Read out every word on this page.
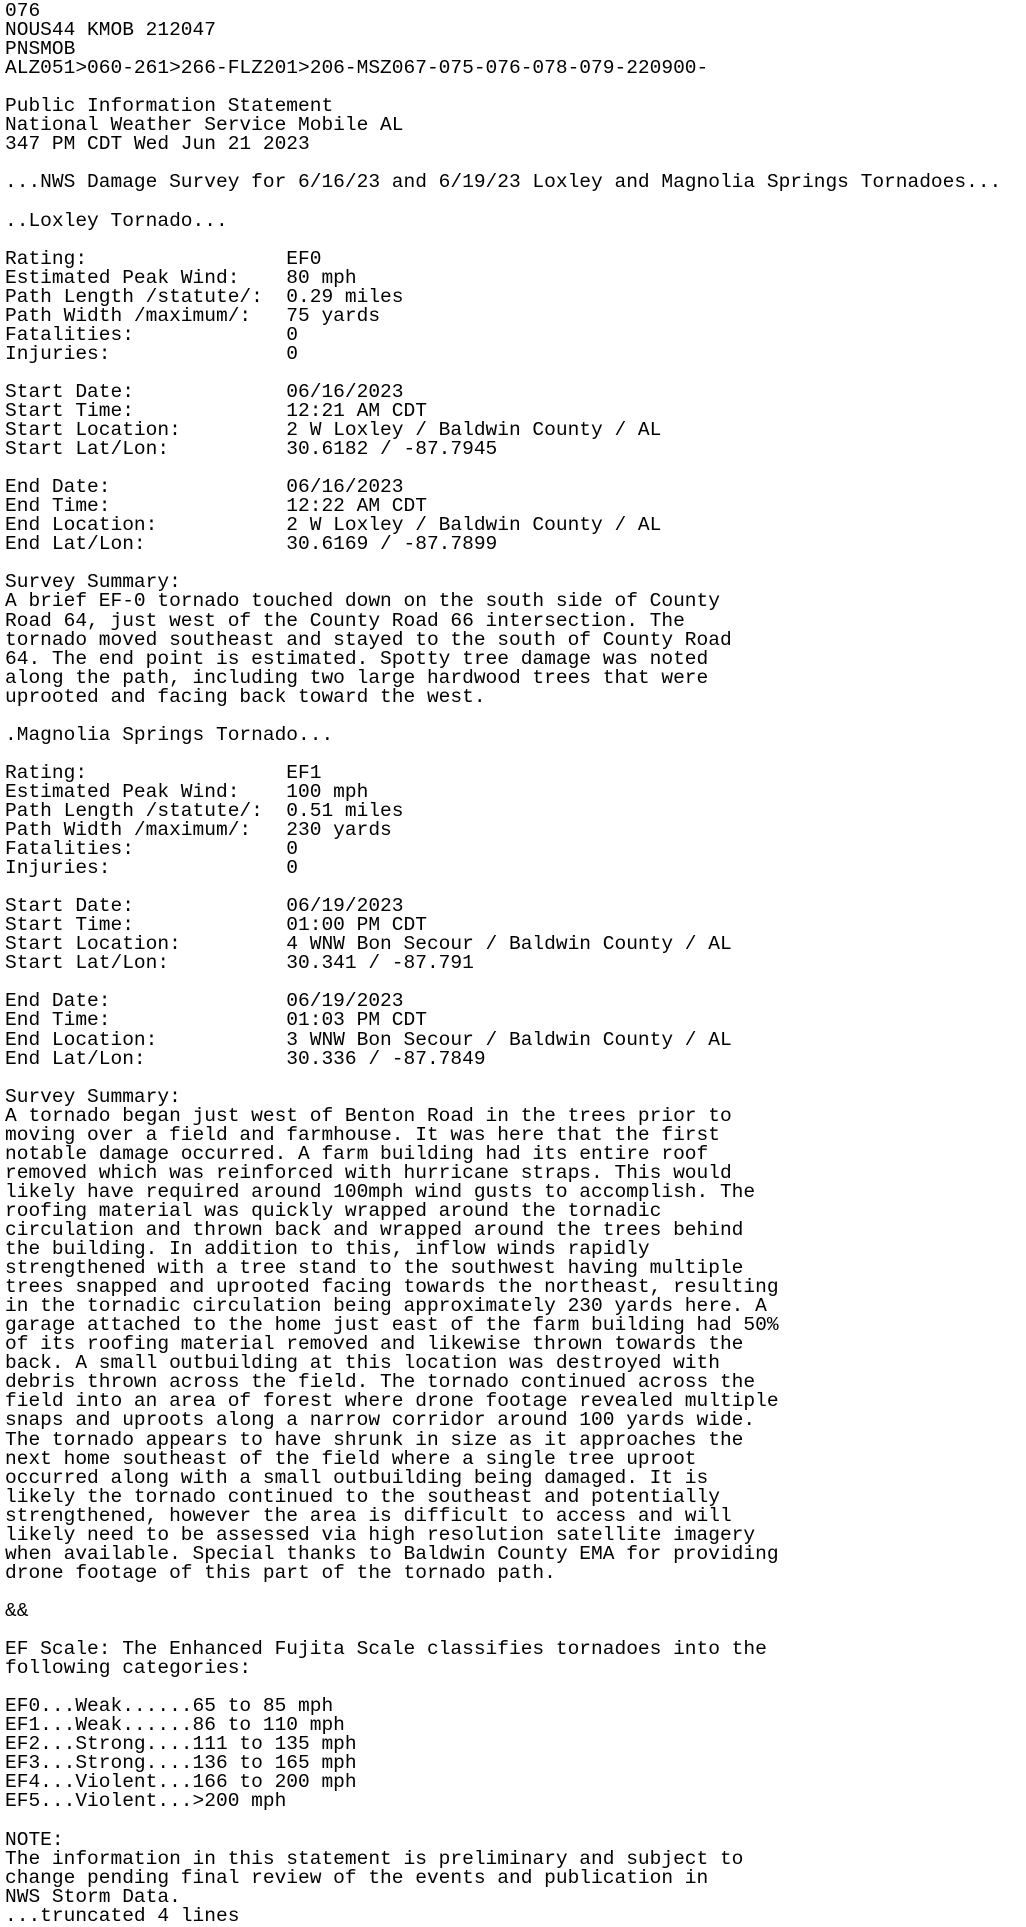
076
NOUS44 KMOB 212047
PNSMOB
ALZ051>060-261>266-FLZ201>206-MSZ067-075-076-078-079-220900-

Public Information Statement
National Weather Service Mobile AL
347 PM CDT Wed Jun 21 2023

...NWS Damage Survey for 6/16/23 and 6/19/23 Loxley and Magnolia Springs Tornadoes...

..Loxley Tornado...

Rating:                 EF0
Estimated Peak Wind:    80 mph
Path Length /statute/:  0.29 miles
Path Width /maximum/:   75 yards
Fatalities:             0
Injuries:               0

Start Date:             06/16/2023
Start Time:             12:21 AM CDT
Start Location:         2 W Loxley / Baldwin County / AL
Start Lat/Lon:          30.6182 / -87.7945

End Date:               06/16/2023
End Time:               12:22 AM CDT
End Location:           2 W Loxley / Baldwin County / AL
End Lat/Lon:            30.6169 / -87.7899

Survey Summary:
A brief EF-0 tornado touched down on the south side of County
Road 64, just west of the County Road 66 intersection. The
tornado moved southeast and stayed to the south of County Road
64. The end point is estimated. Spotty tree damage was noted
along the path, including two large hardwood trees that were
uprooted and facing back toward the west.

.Magnolia Springs Tornado...

Rating:                 EF1
Estimated Peak Wind:    100 mph
Path Length /statute/:  0.51 miles
Path Width /maximum/:   230 yards
Fatalities:             0
Injuries:               0

Start Date:             06/19/2023
Start Time:             01:00 PM CDT
Start Location:         4 WNW Bon Secour / Baldwin County / AL
Start Lat/Lon:          30.341 / -87.791

End Date:               06/19/2023
End Time:               01:03 PM CDT
End Location:           3 WNW Bon Secour / Baldwin County / AL
End Lat/Lon:            30.336 / -87.7849

Survey Summary:
A tornado began just west of Benton Road in the trees prior to
moving over a field and farmhouse. It was here that the first
notable damage occurred. A farm building had its entire roof
removed which was reinforced with hurricane straps. This would
likely have required around 100mph wind gusts to accomplish. The
roofing material was quickly wrapped around the tornadic
circulation and thrown back and wrapped around the trees behind
the building. In addition to this, inflow winds rapidly
strengthened with a tree stand to the southwest having multiple
trees snapped and uprooted facing towards the northeast, resulting
in the tornadic circulation being approximately 230 yards here. A
garage attached to the home just east of the farm building had 50%
of its roofing material removed and likewise thrown towards the
back. A small outbuilding at this location was destroyed with
debris thrown across the field. The tornado continued across the
field into an area of forest where drone footage revealed multiple
snaps and uproots along a narrow corridor around 100 yards wide.
The tornado appears to have shrunk in size as it approaches the
next home southeast of the field where a single tree uproot
occurred along with a small outbuilding being damaged. It is
likely the tornado continued to the southeast and potentially
strengthened, however the area is difficult to access and will
likely need to be assessed via high resolution satellite imagery
when available. Special thanks to Baldwin County EMA for providing
drone footage of this part of the tornado path.

&&

EF Scale: The Enhanced Fujita Scale classifies tornadoes into the
following categories:

EF0...Weak......65 to 85 mph
EF1...Weak......86 to 110 mph
EF2...Strong....111 to 135 mph
EF3...Strong....136 to 165 mph
EF4...Violent...166 to 200 mph
EF5...Violent...>200 mph

NOTE:
The information in this statement is preliminary and subject to
change pending final review of the events and publication in
NWS Storm Data.
...truncated 4 lines
